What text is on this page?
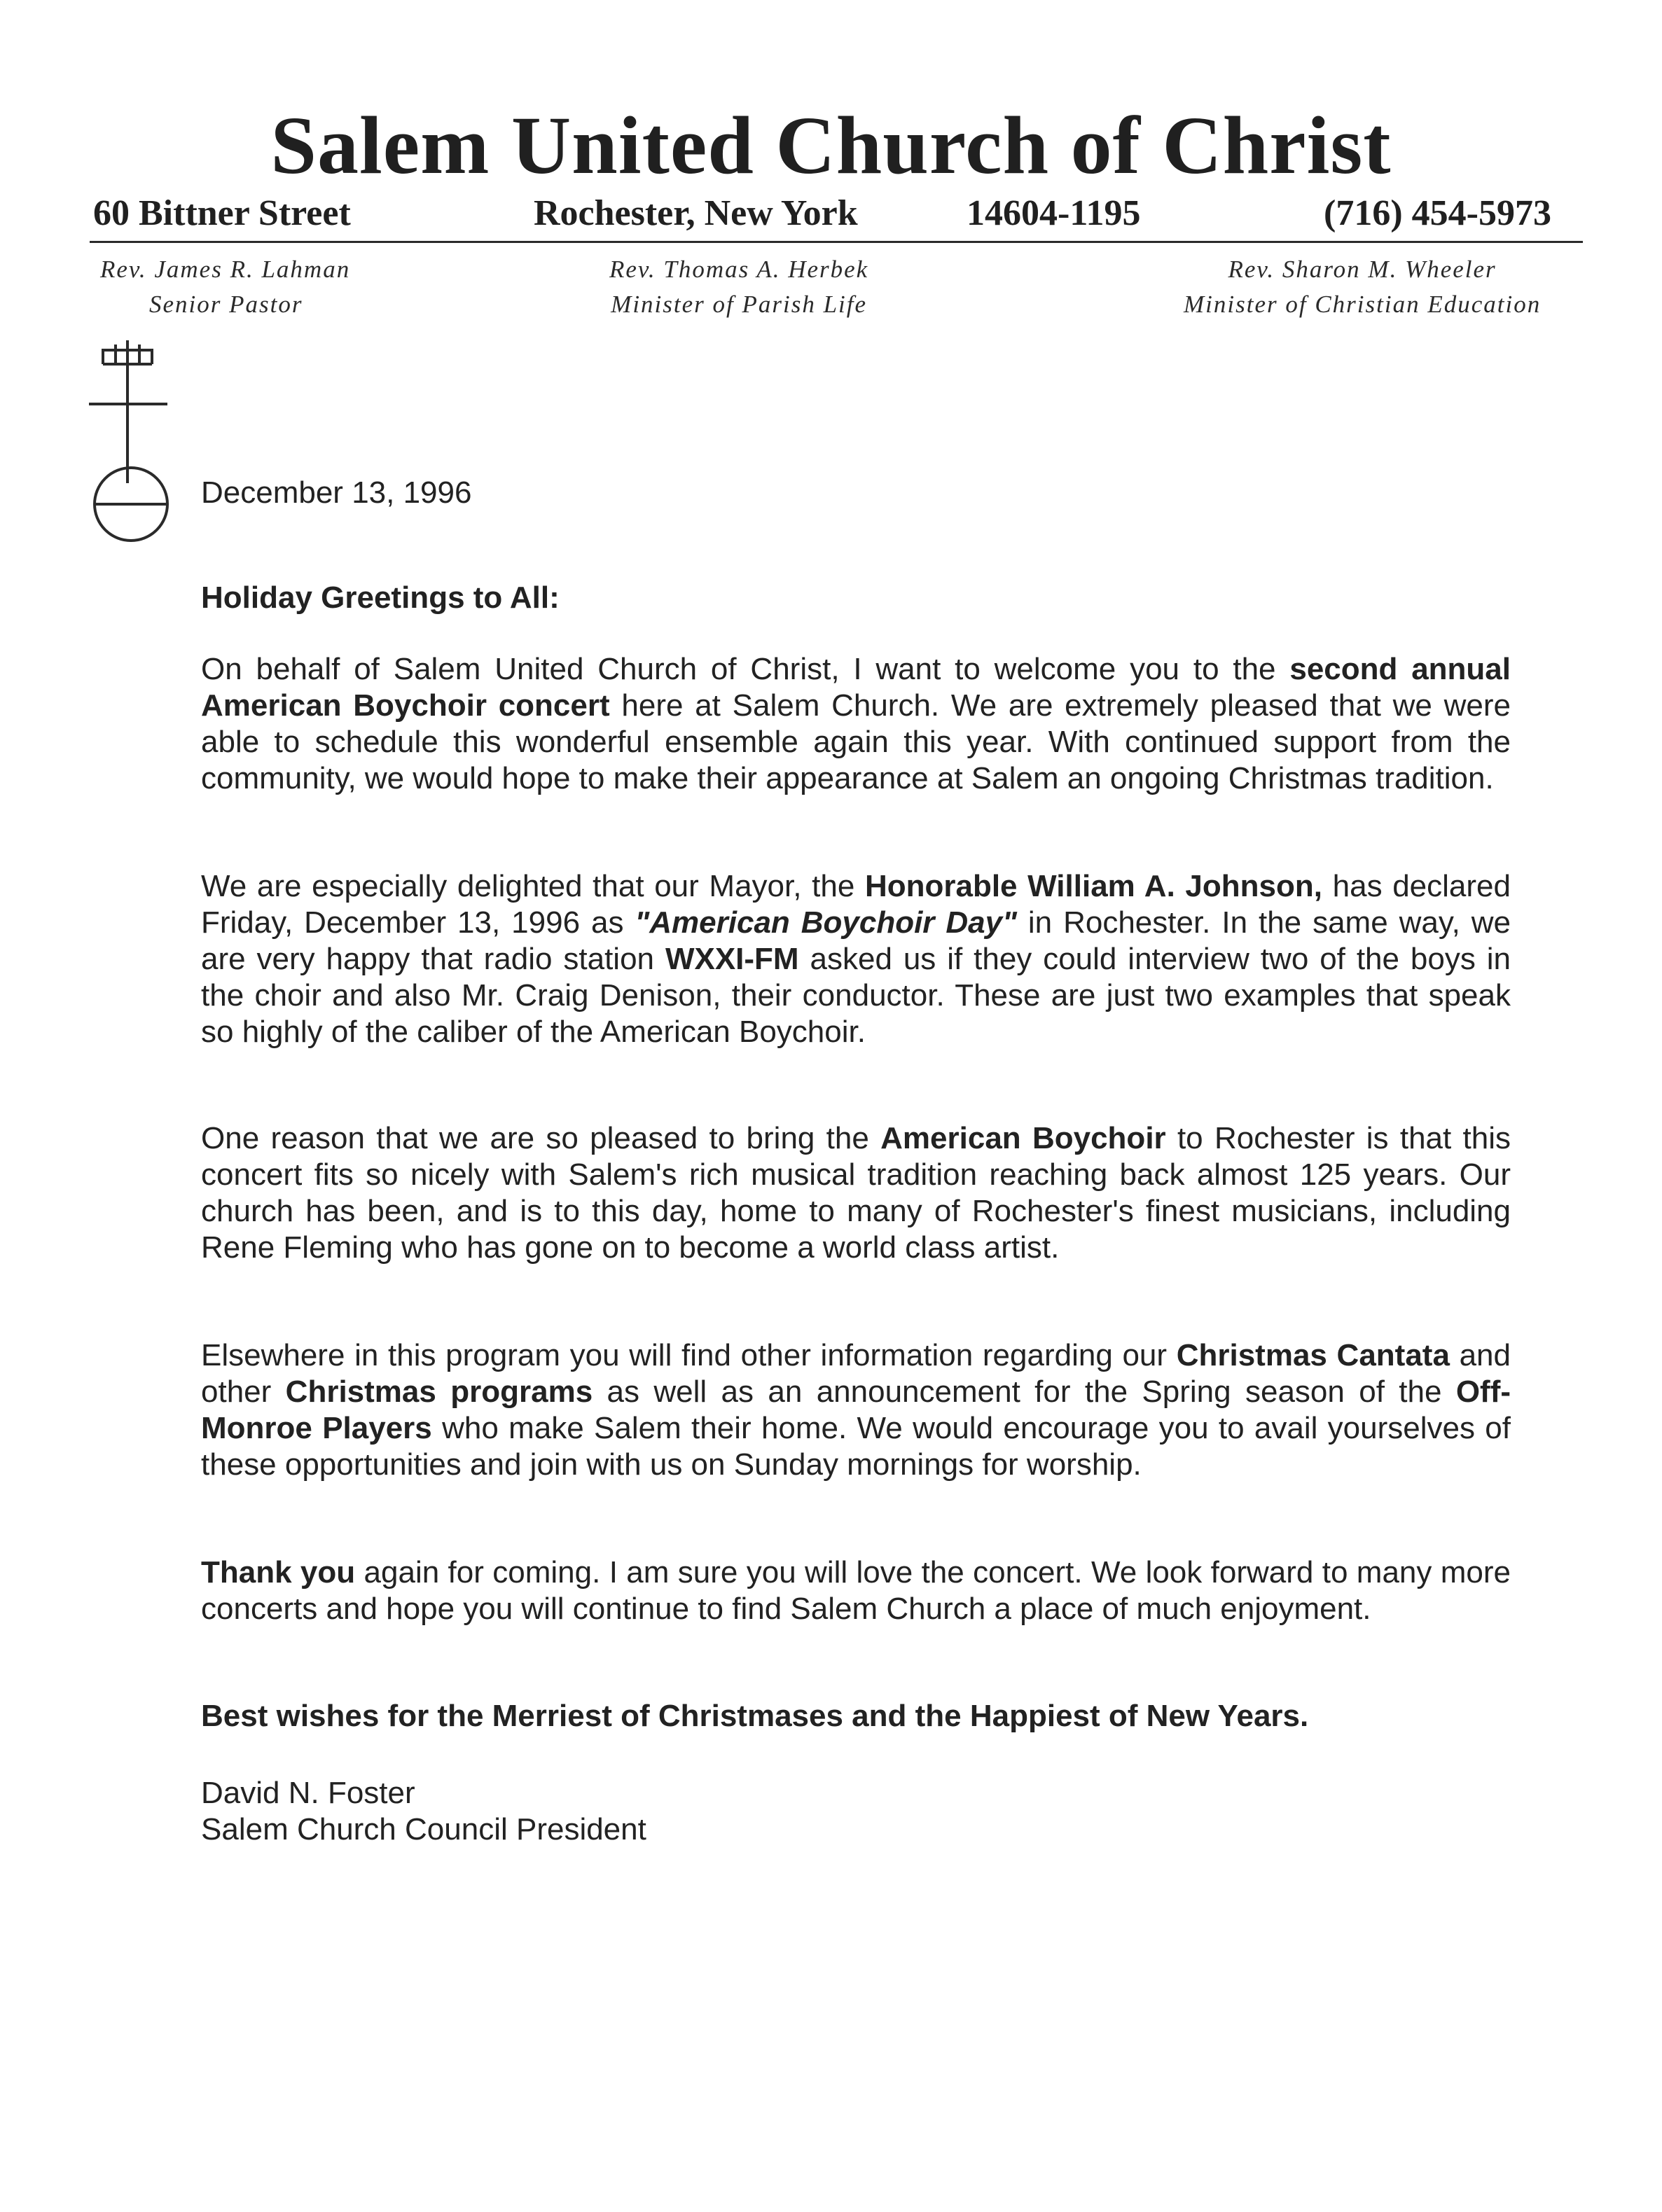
Salem United Church of Christ
60 Bittner Street	Rochester, New York	14604-1195	(716) 454-5973
Rev. James R. Lahman
Senior Pastor
Rev. Thomas A. Herbek
Minister of Parish Life
Rev. Sharon M. Wheeler
Minister of Christian Education
December 13, 1996
Holiday Greetings to All:
On behalf of Salem United Church of Christ, I want to welcome you to the second annual American Boychoir concert here at Salem Church. We are extremely pleased that we were able to schedule this wonderful ensemble again this year. With continued support from the community, we would hope to make their appearance at Salem an ongoing Christmas tradition.
We are especially delighted that our Mayor, the Honorable William A. Johnson, has declared Friday, December 13, 1996 as "American Boychoir Day" in Rochester. In the same way, we are very happy that radio station WXXI-FM asked us if they could interview two of the boys in the choir and also Mr. Craig Denison, their conductor. These are just two examples that speak so highly of the caliber of the American Boychoir.
One reason that we are so pleased to bring the American Boychoir to Rochester is that this concert fits so nicely with Salem's rich musical tradition reaching back almost 125 years. Our church has been, and is to this day, home to many of Rochester's finest musicians, including Rene Fleming who has gone on to become a world class artist.
Elsewhere in this program you will find other information regarding our Christmas Cantata and other Christmas programs as well as an announcement for the Spring season of the Off-Monroe Players who make Salem their home. We would encourage you to avail yourselves of these opportunities and join with us on Sunday mornings for worship.
Thank you again for coming. I am sure you will love the concert. We look forward to many more concerts and hope you will continue to find Salem Church a place of much enjoyment.
Best wishes for the Merriest of Christmases and the Happiest of New Years.
David N. Foster
Salem Church Council President
